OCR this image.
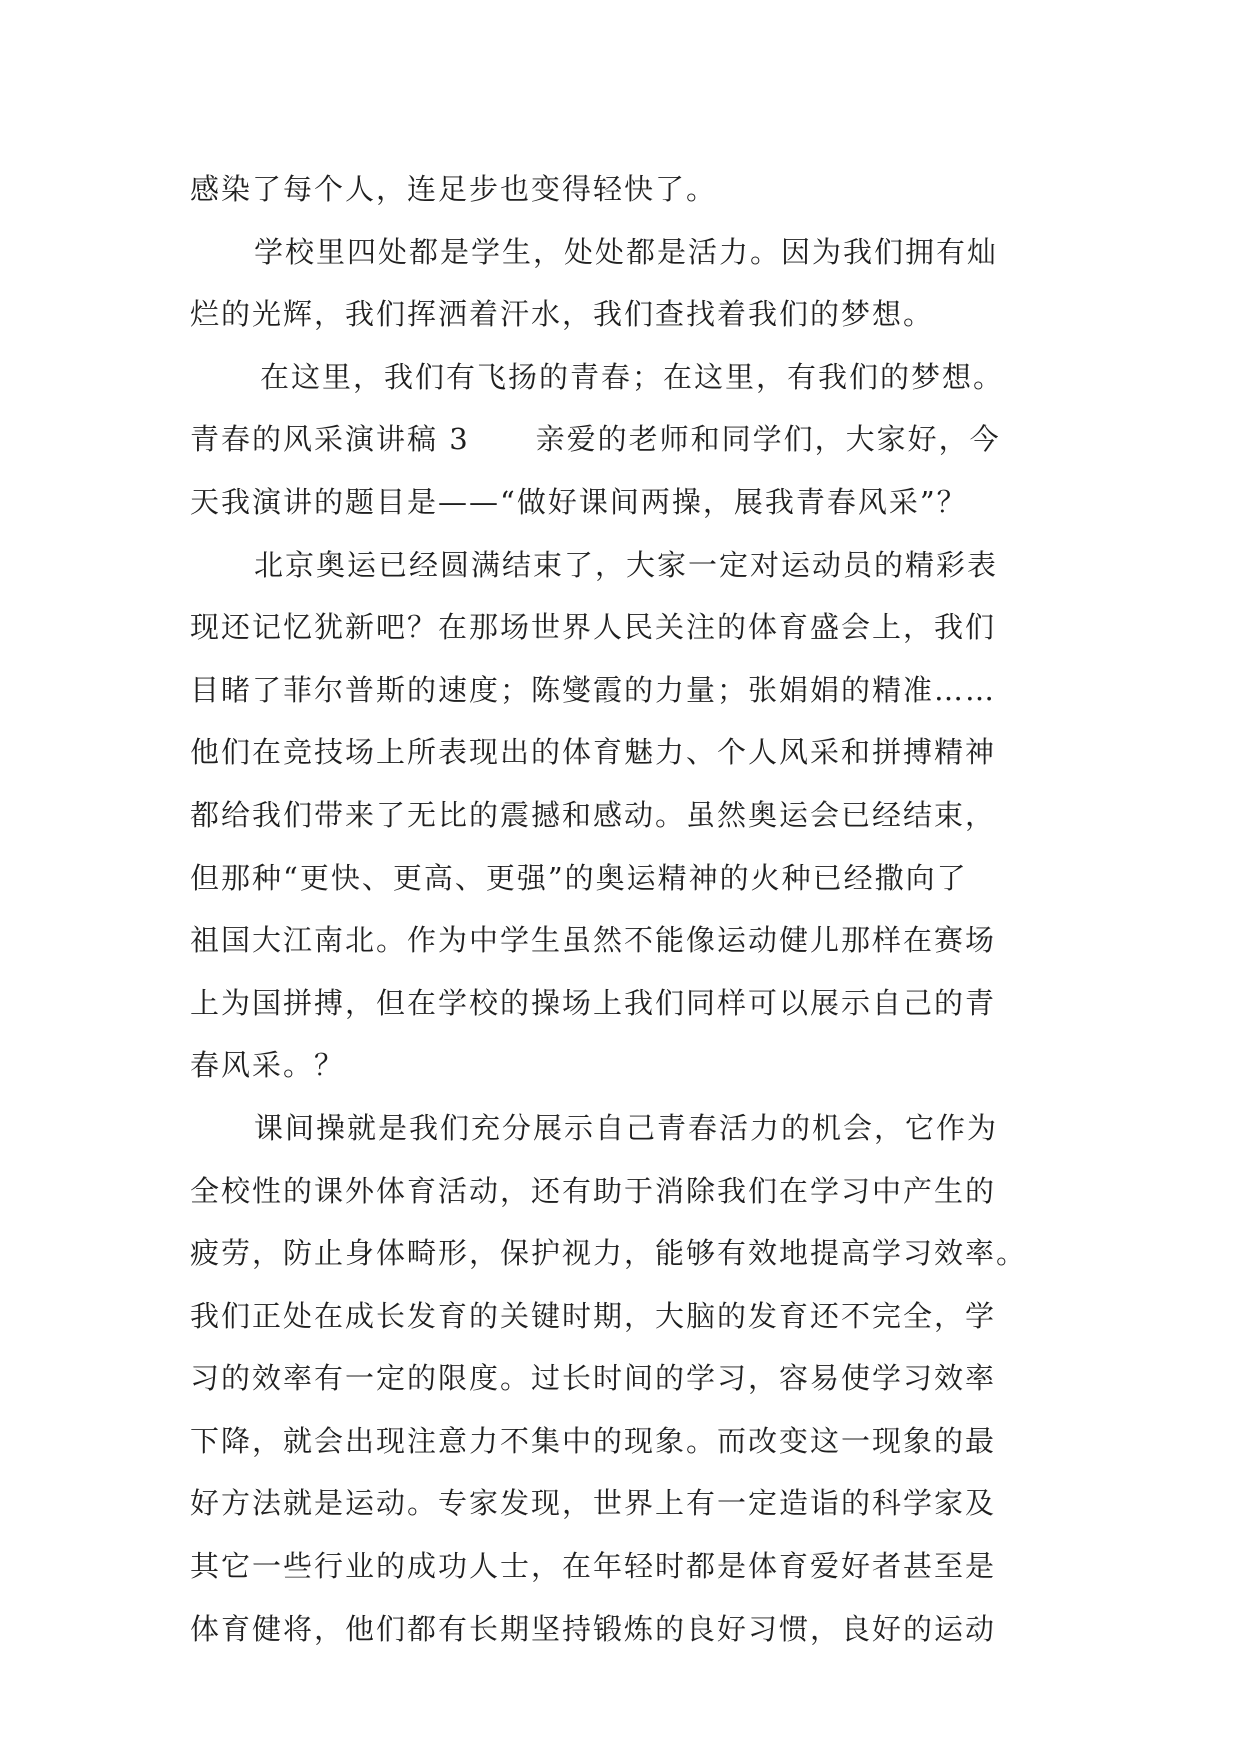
感染了每个人，连足步也变得轻快了。
学校里四处都是学生，处处都是活力。因为我们拥有灿
烂的光辉，我们挥洒着汗水，我们查找着我们的梦想。
在这里，我们有飞扬的青春；在这里，有我们的梦想。
青春的风采演讲稿 3 亲爱的老师和同学们，大家好，今
天我演讲的题目是——“做好课间两操，展我青春风采”？
北京奥运已经圆满结束了，大家一定对运动员的精彩表
现还记忆犹新吧？在那场世界人民关注的体育盛会上，我们
目睹了菲尔普斯的速度；陈燮霞的力量；张娟娟的精准……
他们在竞技场上所表现出的体育魅力、个人风采和拼搏精神
都给我们带来了无比的震撼和感动。虽然奥运会已经结束，
但那种“更快、更高、更强”的奥运精神的火种已经撒向了
祖国大江南北。作为中学生虽然不能像运动健儿那样在赛场
上为国拼搏，但在学校的操场上我们同样可以展示自己的青
春风采。？
课间操就是我们充分展示自己青春活力的机会，它作为
全校性的课外体育活动，还有助于消除我们在学习中产生的
疲劳，防止身体畸形，保护视力，能够有效地提高学习效率。
我们正处在成长发育的关键时期，大脑的发育还不完全，学
习的效率有一定的限度。过长时间的学习，容易使学习效率
下降，就会出现注意力不集中的现象。而改变这一现象的最
好方法就是运动。专家发现，世界上有一定造诣的科学家及
其它一些行业的成功人士，在年轻时都是体育爱好者甚至是
体育健将，他们都有长期坚持锻炼的良好习惯，良好的运动
